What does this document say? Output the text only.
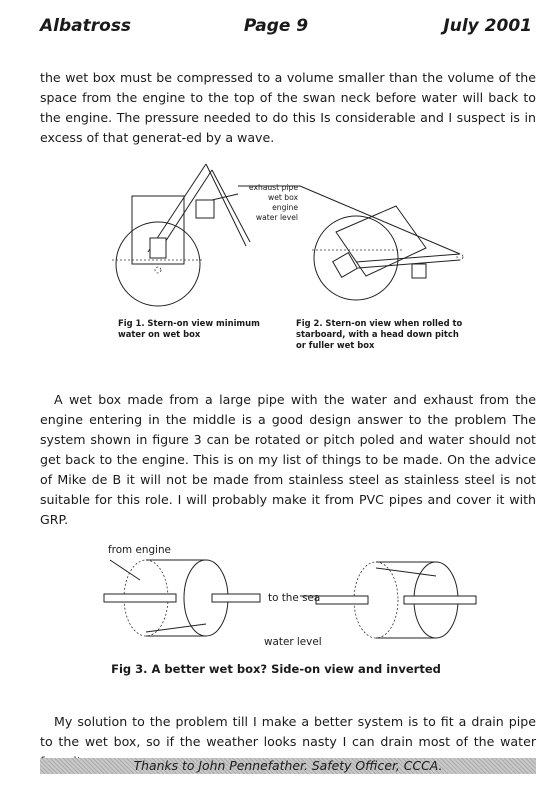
Albatross	Page 9	July 2001

the wet box must be compressed to a volume smaller than the volume of the space from the engine to the top of the swan neck before water will back to the engine. The pressure needed to do this Is considerable and I suspect is in excess of that generat-ed by a wave.

exhaust pipe
wet box
engine
water level
Fig 1. Stern-on view minimum water on wet box
Fig 2. Stern-on view when rolled to starboard, with a head down pitch or fuller wet box

A wet box made from a large pipe with the water and exhaust from the engine entering in the middle is a good design answer to the problem The system shown in figure 3 can be rotated or pitch poled and water should not get back to the engine. This is on my list of things to be made. On the advice of Mike de B it will not be made from stainless steel as stainless steel is not suitable for this role. I will probably make it from PVC pipes and cover it with GRP.

from engine
to the sea
water level
Fig 3. A better wet box? Side-on view and inverted

My solution to the problem till I make a better system is to fit a drain pipe to the wet box, so if the weather looks nasty I can drain most of the water

Thanks to John Pennefather. Safety Officer, CCCA.
